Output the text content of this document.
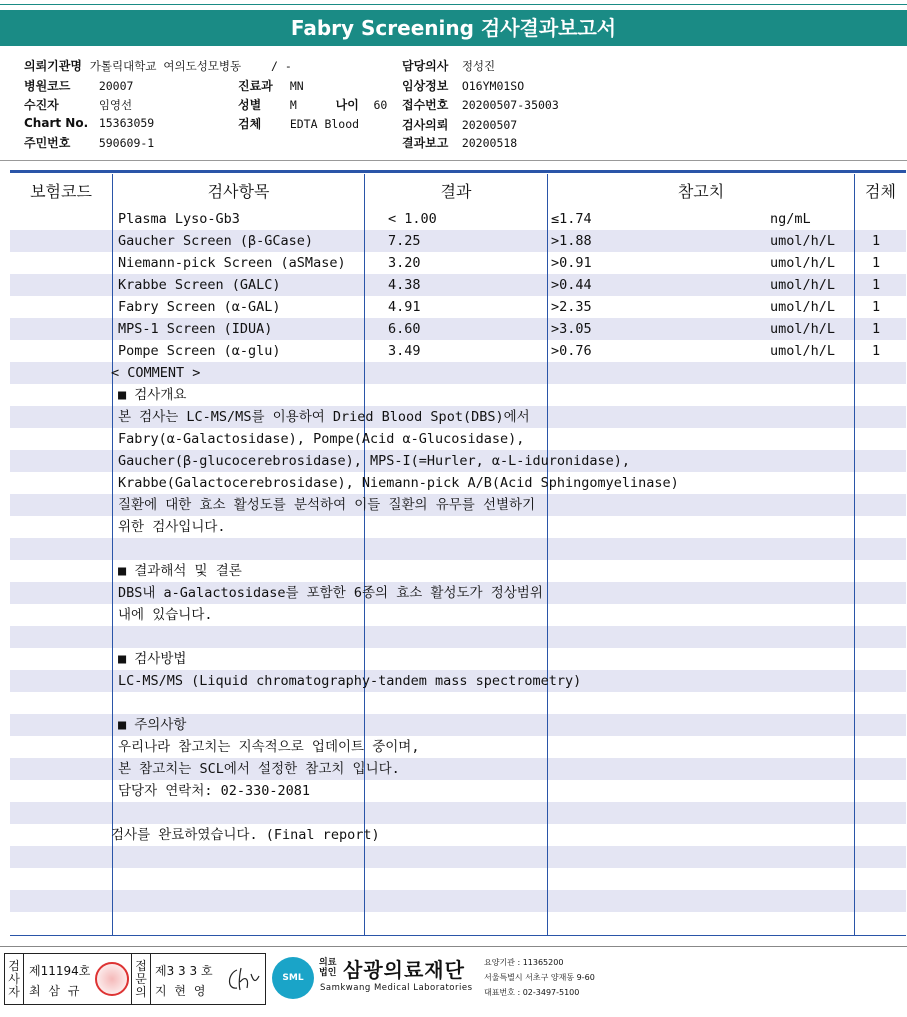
Fabry Screening 검사결과보고서
의뢰기관명 가톨릭대학교 여의도성모병동	/ -
병원코드 20007
수진자	임영선
Chart No. 15363059
주민번호 590609-1
진료과 MN
성별 M	나이 60
검체 EDTA Blood
담당의사 정성진
임상정보 O16YM01SO
접수번호 20200507-35003
검사의뢰 20200507
결과보고 20200518
보험코드	검사항목	결과	참고치	검체
Plasma Lyso-Gb3	< 1.00	≤1.74	ng/mL
Gaucher Screen (β-GCase)	7.25	>1.88	umol/h/L	1
Niemann-pick Screen (aSMase)	3.20	>0.91	umol/h/L	1
Krabbe Screen (GALC)	4.38	>0.44	umol/h/L	1
Fabry Screen (α-GAL)	4.91	>2.35	umol/h/L	1
MPS-1 Screen (IDUA)	6.60	>3.05	umol/h/L	1
Pompe Screen (α-glu)	3.49	>0.76	umol/h/L	1
< COMMENT >
■ 검사개요
본 검사는 LC-MS/MS를 이용하여 Dried Blood Spot(DBS)에서
Fabry(α-Galactosidase), Pompe(Acid α-Glucosidase),
Gaucher(β-glucocerebrosidase), MPS-I(=Hurler, α-L-iduronidase),
Krabbe(Galactocerebrosidase), Niemann-pick A/B(Acid Sphingomyelinase)
질환에 대한 효소 활성도를 분석하여 이들 질환의 유무를 선별하기
위한 검사입니다.
■ 결과해석 및 결론
DBS내 a-Galactosidase를 포함한 6종의 효소 활성도가 정상범위
내에 있습니다.
■ 검사방법
LC-MS/MS (Liquid chromatography-tandem mass spectrometry)
■ 주의사항
우리나라 참고치는 지속적으로 업데이트 중이며,
본 참고치는 SCL에서 설정한 참고치 입니다.
담당자 연락처: 02-330-2081
검사를 완료하였습니다. (Final report)
검
사
자
제11194호
최 삼 규
접
문
의
제3 3 3 호
지 현 영
SML
의료
법인 삼광의료재단
Samkwang Medical Laboratories
요양기관 : 11365200
서울특별시 서초구 양재동 9-60
대표번호 : 02-3497-5100
